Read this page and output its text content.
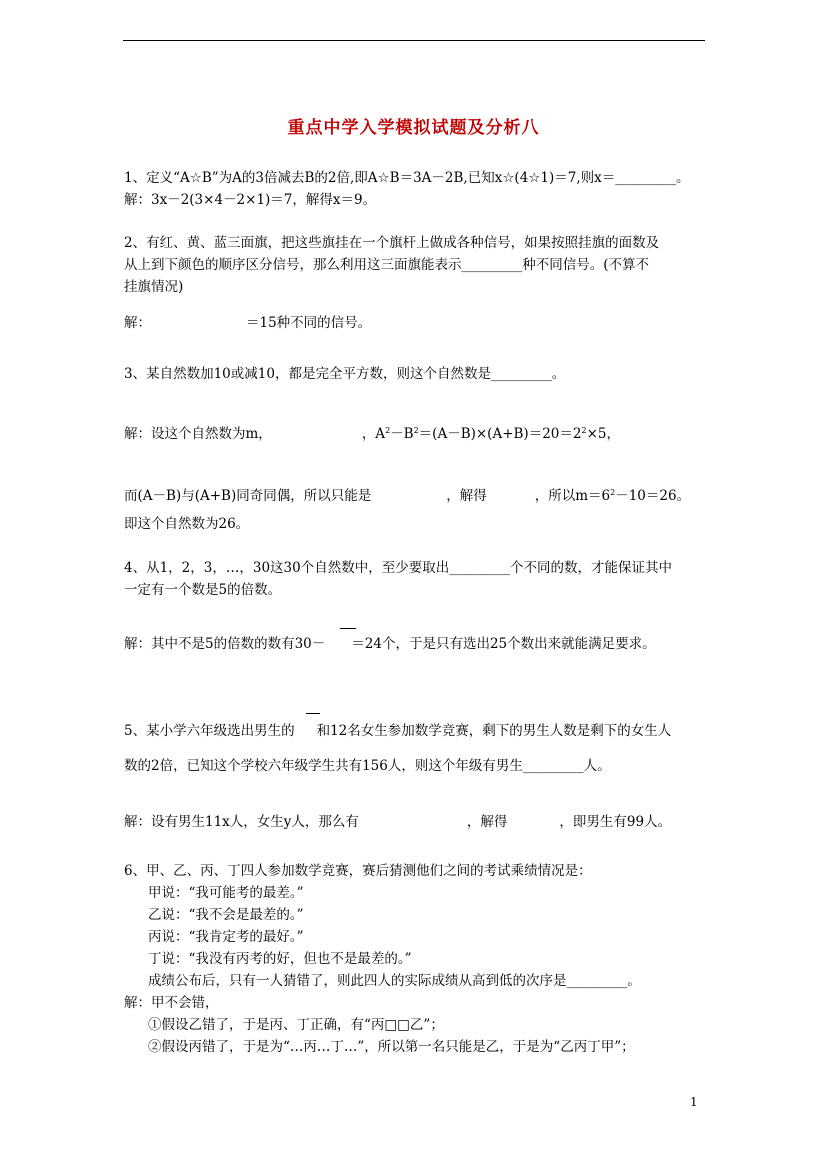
重点中学入学模拟试题及分析八
1、定义“A☆B”为A的3倍减去B的2倍,即A☆B＝3A－2B,已知x☆(4☆1)＝7,则x＝_________。
解：3x－2(3×4－2×1)＝7，解得x＝9。
2、有红、黄、蓝三面旗，把这些旗挂在一个旗杆上做成各种信号，如果按照挂旗的面数及
从上到下颜色的顺序区分信号，那么利用这三面旗能表示_________种不同信号。(不算不
挂旗情况)
解：	＝15种不同的信号。
3、某自然数加10或减10，都是完全平方数，则这个自然数是_________。
解：设这个自然数为m，	，$A^2-B^2=(A-B)\times(A+B)=20=2^2\times 5$，
而(A－B)与(A+B)同奇同偶，所以只能是	，解得	，所以$m=6^2-10=26$。
即这个自然数为26。
4、从1，2，3，…，30这30个自然数中，至少要取出_________个不同的数，才能保证其中
一定有一个数是5的倍数。
解：其中不是5的倍数的数有30－ ＝24个，于是只有选出25个数出来就能满足要求。
5、某小学六年级选出男生的 和12名女生参加数学竞赛，剩下的男生人数是剩下的女生人
数的2倍，已知这个学校六年级学生共有156人，则这个年级有男生_________人。
解：设有男生11x人，女生y人，那么有	，解得	，即男生有99人。
6、甲、乙、丙、丁四人参加数学竞赛，赛后猜测他们之间的考试乘绩情况是：
甲说：“我可能考的最差。”
乙说：“我不会是最差的。”
丙说：“我肯定考的最好。”
丁说：“我没有丙考的好，但也不是最差的。”
成绩公布后，只有一人猜错了，则此四人的实际成绩从高到低的次序是_________。
解：甲不会错，
①假设乙错了，于是丙、丁正确，有“丙□□乙”；
②假设丙错了，于是为“…丙…丁…”，所以第一名只能是乙，于是为“乙丙丁甲”；
1
